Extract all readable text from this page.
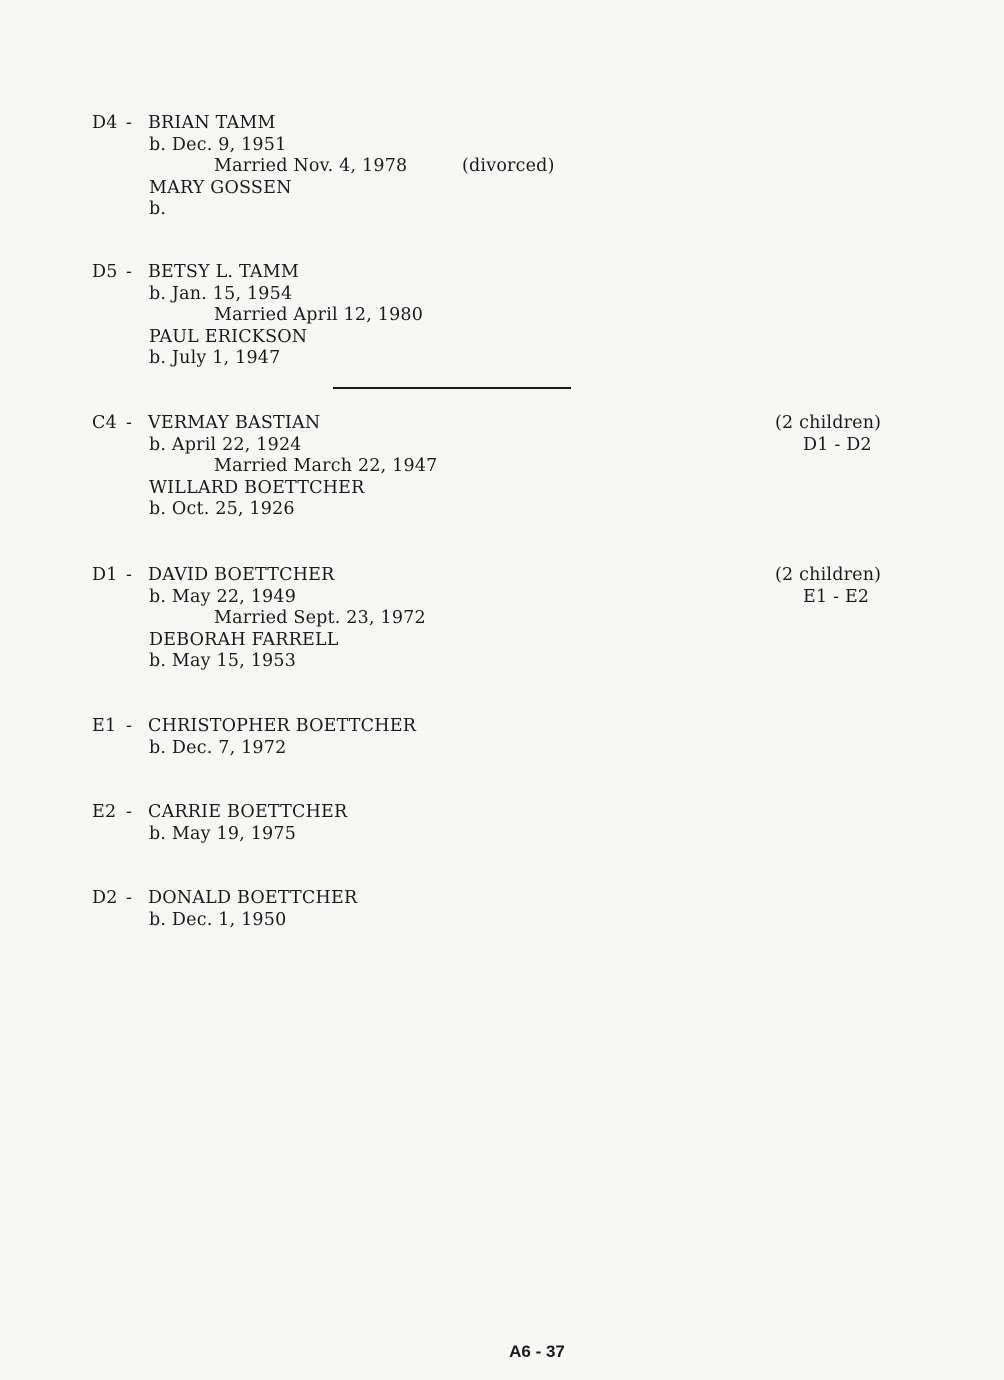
D4 - BRIAN TAMM
b. Dec. 9, 1951
Married Nov. 4, 1978	(divorced)
MARY GOSSEN
b.
D5 - BETSY L. TAMM
b. Jan. 15, 1954
Married April 12, 1980
PAUL ERICKSON
b. July 1, 1947
C4 - VERMAY BASTIAN
b. April 22, 1924
Married March 22, 1947
WILLARD BOETTCHER
b. Oct. 25, 1926
(2 children)
D1 - D2
D1 - DAVID BOETTCHER
b. May 22, 1949
Married Sept. 23, 1972
DEBORAH FARRELL
b. May 15, 1953
(2 children)
E1 - E2
E1 - CHRISTOPHER BOETTCHER
b. Dec. 7, 1972
E2 - CARRIE BOETTCHER
b. May 19, 1975
D2 - DONALD BOETTCHER
b. Dec. 1, 1950
A6 - 37
